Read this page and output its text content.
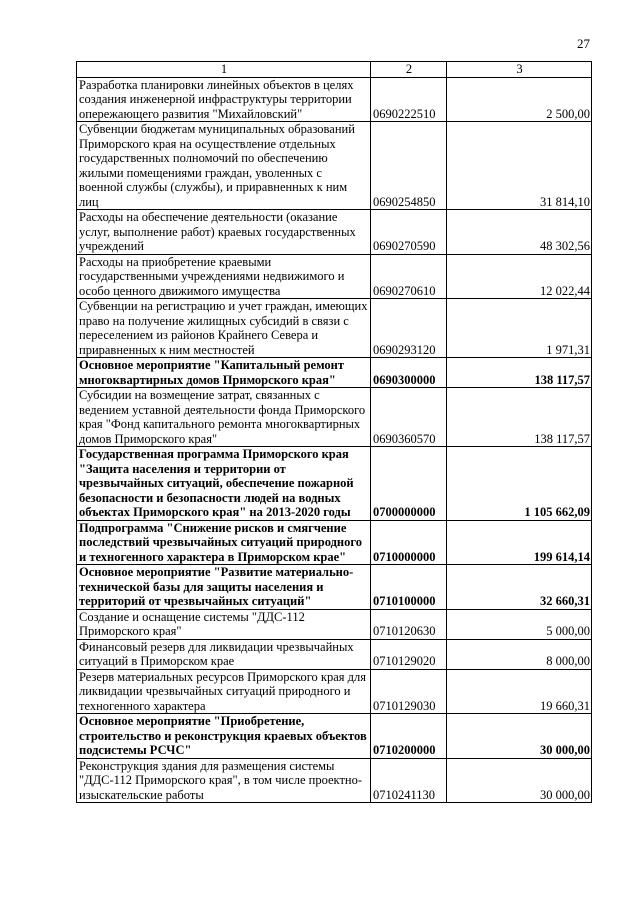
27
1	2	3
Разработка планировки линейных объектов в целях создания инженерной инфраструктуры территории опережающего развития "Михайловский"	0690222510	2 500,00
Субвенции бюджетам муниципальных образований Приморского края на осуществление отдельных государственных полномочий по обеспечению жилыми помещениями граждан, уволенных с военной службы (службы), и приравненных к ним лиц	0690254850	31 814,10
Расходы на обеспечение деятельности (оказание услуг, выполнение работ) краевых государственных учреждений	0690270590	48 302,56
Расходы на приобретение краевыми государственными учреждениями недвижимого и особо ценного движимого имущества	0690270610	12 022,44
Субвенции на регистрацию и учет граждан, имеющих право на получение жилищных субсидий в связи с переселением из районов Крайнего Севера и приравненных к ним местностей	0690293120	1 971,31
Основное мероприятие "Капитальный ремонт многоквартирных домов Приморского края"	0690300000	138 117,57
Субсидии на возмещение затрат, связанных с ведением уставной деятельности фонда Приморского края "Фонд капитального ремонта многоквартирных домов Приморского края"	0690360570	138 117,57
Государственная программа Приморского края "Защита населения и территории от чрезвычайных ситуаций, обеспечение пожарной безопасности и безопасности людей на водных объектах Приморского края" на 2013-2020 годы	0700000000	1 105 662,09
Подпрограмма "Снижение рисков и смягчение последствий чрезвычайных ситуаций природного и техногенного характера в Приморском крае"	0710000000	199 614,14
Основное мероприятие "Развитие материально-технической базы для защиты населения и территорий от чрезвычайных ситуаций"	0710100000	32 660,31
Создание и оснащение системы "ДДС-112 Приморского края"	0710120630	5 000,00
Финансовый резерв для ликвидации чрезвычайных ситуаций в Приморском крае	0710129020	8 000,00
Резерв материальных ресурсов Приморского края для ликвидации чрезвычайных ситуаций природного и техногенного характера	0710129030	19 660,31
Основное мероприятие "Приобретение, строительство и реконструкция краевых объектов подсистемы РСЧС"	0710200000	30 000,00
Реконструкция здания для размещения системы "ДДС-112 Приморского края", в том числе проектно-изыскательские работы	0710241130	30 000,00
